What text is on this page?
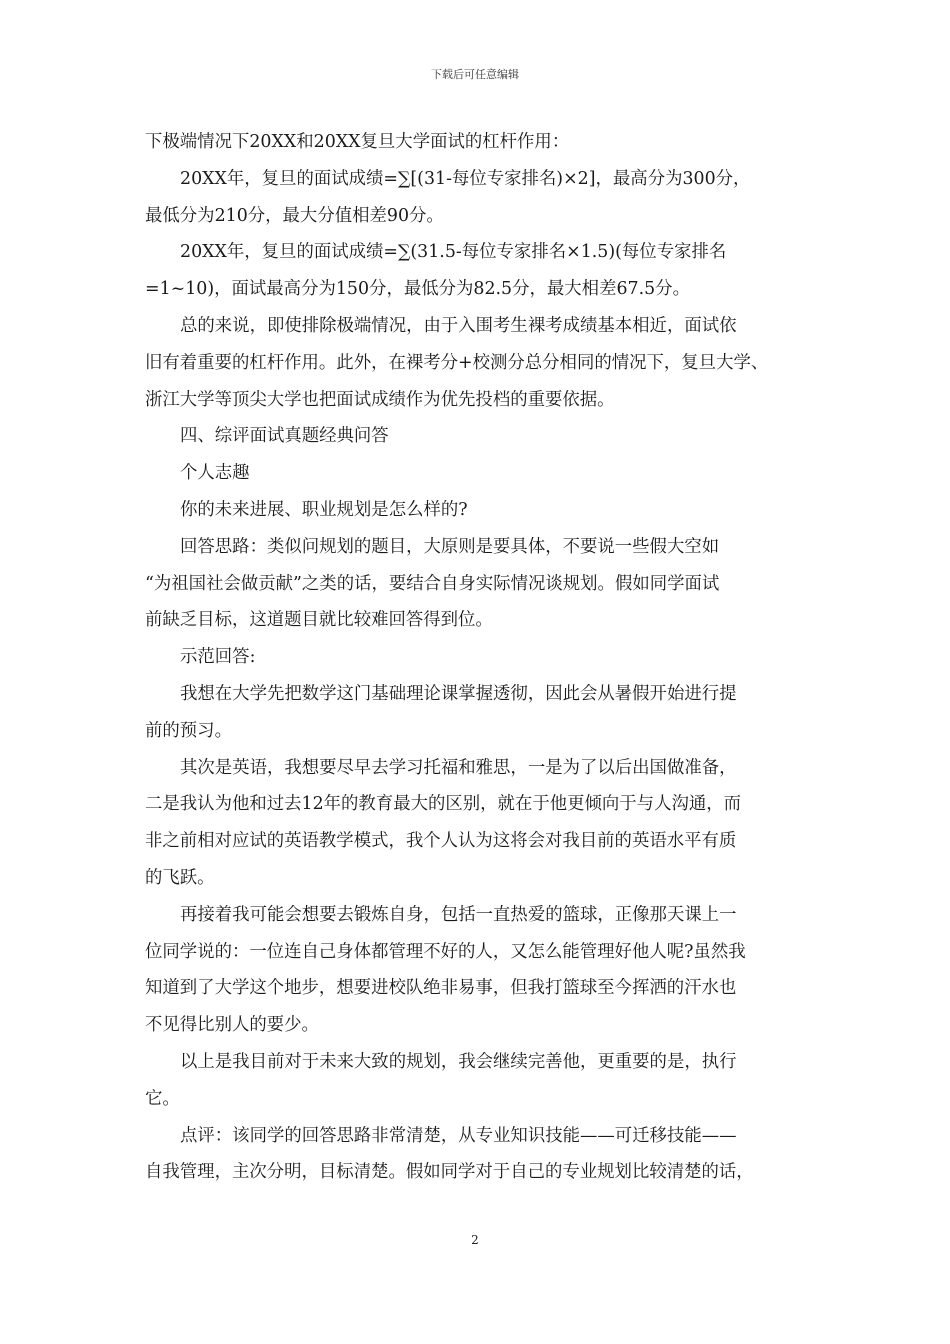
下载后可任意编辑
下极端情况下20XX和20XX复旦大学面试的杠杆作用：
20XX年，复旦的面试成绩=∑[(31-每位专家排名)×2]，最高分为300分，
最低分为210分，最大分值相差90分。
20XX年，复旦的面试成绩=∑(31.5-每位专家排名×1.5)(每位专家排名
=1~10)，面试最高分为150分，最低分为82.5分，最大相差67.5分。
总的来说，即使排除极端情况，由于入围考生裸考成绩基本相近，面试依
旧有着重要的杠杆作用。此外，在裸考分+校测分总分相同的情况下，复旦大学、
浙江大学等顶尖大学也把面试成绩作为优先投档的重要依据。
四、综评面试真题经典问答
个人志趣
你的未来进展、职业规划是怎么样的?
回答思路：类似问规划的题目，大原则是要具体，不要说一些假大空如
“为祖国社会做贡献”之类的话，要结合自身实际情况谈规划。假如同学面试
前缺乏目标，这道题目就比较难回答得到位。
示范回答:
我想在大学先把数学这门基础理论课掌握透彻，因此会从暑假开始进行提
前的预习。
其次是英语，我想要尽早去学习托福和雅思，一是为了以后出国做准备，
二是我认为他和过去12年的教育最大的区别，就在于他更倾向于与人沟通，而
非之前相对应试的英语教学模式，我个人认为这将会对我目前的英语水平有质
的飞跃。
再接着我可能会想要去锻炼自身，包括一直热爱的篮球，正像那天课上一
位同学说的：一位连自己身体都管理不好的人，又怎么能管理好他人呢?虽然我
知道到了大学这个地步，想要进校队绝非易事，但我打篮球至今挥洒的汗水也
不见得比别人的要少。
以上是我目前对于未来大致的规划，我会继续完善他，更重要的是，执行
它。
点评：该同学的回答思路非常清楚，从专业知识技能——可迁移技能——
自我管理，主次分明，目标清楚。假如同学对于自己的专业规划比较清楚的话，
2
